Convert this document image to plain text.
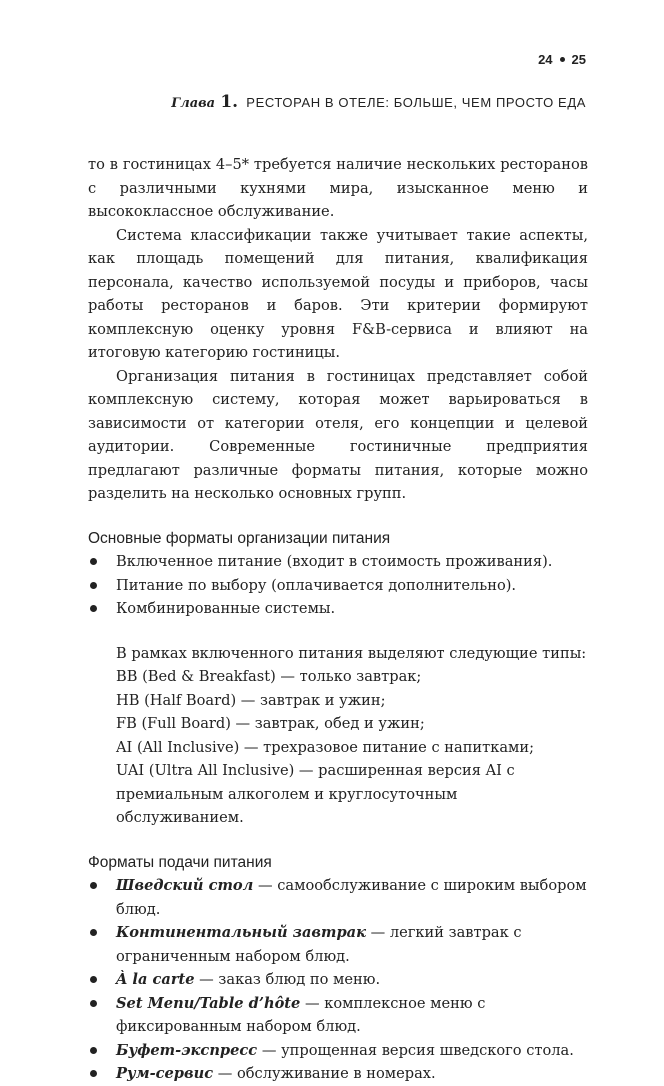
24 25
Глава 1. РЕСТОРАН В ОТЕЛЕ: БОЛЬШЕ, ЧЕМ ПРОСТО ЕДА

то в гостиницах 4–5* требуется наличие нескольких ресторанов с различными кухнями мира, изысканное меню и высококлассное обслуживание.

Система классификации также учитывает такие аспекты, как площадь помещений для питания, квалификация персонала, качество используемой посуды и приборов, часы работы ресторанов и баров. Эти критерии формируют комплексную оценку уровня F&B-сервиса и влияют на итоговую категорию гостиницы.

Организация питания в гостиницах представляет собой комплексную систему, которая может варьироваться в зависимости от категории отеля, его концепции и целевой аудитории. Современные гостиничные предприятия предлагают различные форматы питания, которые можно разделить на несколько основных групп.

Основные форматы организации питания
Включенное питание (входит в стоимость проживания).
Питание по выбору (оплачивается дополнительно).
Комбинированные системы.
В рамках включенного питания выделяют следующие типы:
BB (Bed & Breakfast) — только завтрак;
HB (Half Board) — завтрак и ужин;
FB (Full Board) — завтрак, обед и ужин;
AI (All Inclusive) — трехразовое питание с напитками;
UAI (Ultra All Inclusive) — расширенная версия AI с премиальным алкоголем и круглосуточным обслуживанием.
Форматы подачи питания
Шведский стол — самообслуживание с широким выбором блюд.
Континентальный завтрак — легкий завтрак с ограниченным набором блюд.
À la carte — заказ блюд по меню.
Set Menu/Table d’hôte — комплексное меню с фиксированным набором блюд.
Буфет-экспресс — упрощенная версия шведского стола.
Рум-сервис — обслуживание в номерах.
